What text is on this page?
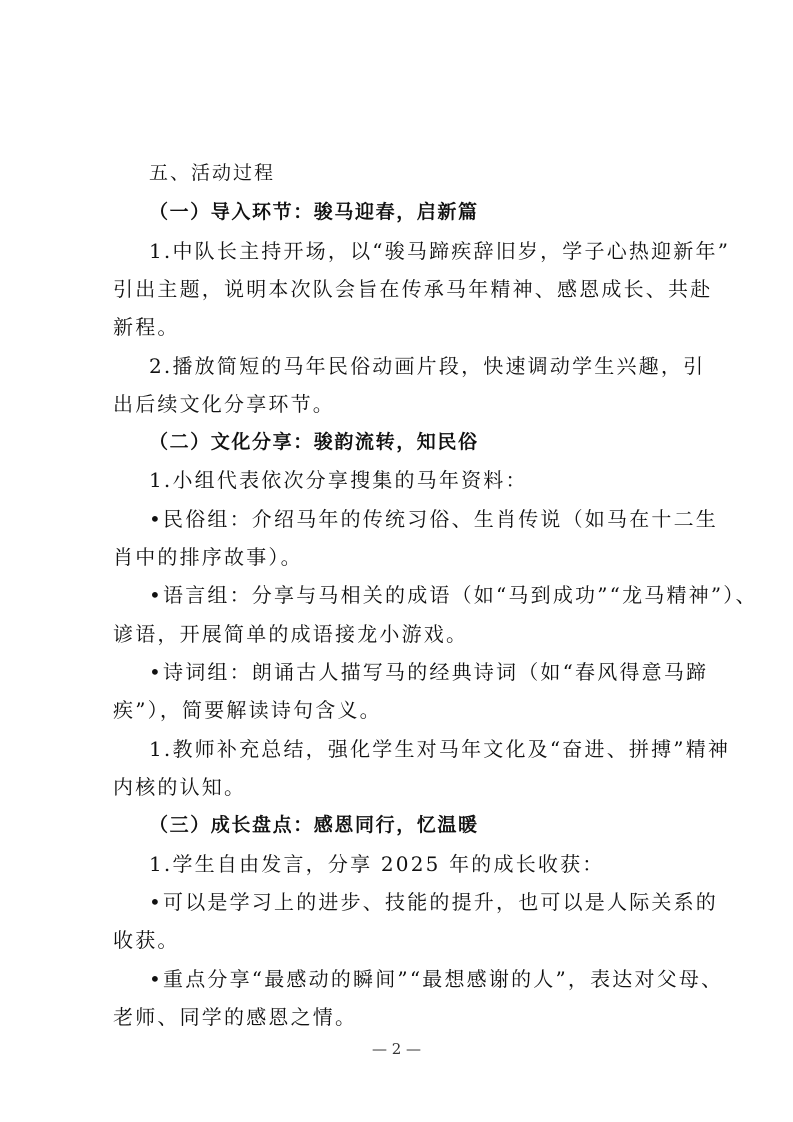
五、活动过程
（一）导入环节：骏马迎春，启新篇
1.中队长主持开场，以“骏马蹄疾辞旧岁，学子心热迎新年”
引出主题，说明本次队会旨在传承马年精神、感恩成长、共赴
新程。
2.播放简短的马年民俗动画片段，快速调动学生兴趣，引
出后续文化分享环节。
（二）文化分享：骏韵流转，知民俗
1.小组代表依次分享搜集的马年资料：
•民俗组：介绍马年的传统习俗、生肖传说（如马在十二生
肖中的排序故事）。
•语言组：分享与马相关的成语（如“马到成功”“龙马精神”）、
谚语，开展简单的成语接龙小游戏。
•诗词组：朗诵古人描写马的经典诗词（如“春风得意马蹄
疾”），简要解读诗句含义。
1.教师补充总结，强化学生对马年文化及“奋进、拼搏”精神
内核的认知。
（三）成长盘点：感恩同行，忆温暖
1.学生自由发言，分享 2025 年的成长收获：
•可以是学习上的进步、技能的提升，也可以是人际关系的
收获。
•重点分享“最感动的瞬间”“最想感谢的人”，表达对父母、
老师、同学的感恩之情。
— 2 —
